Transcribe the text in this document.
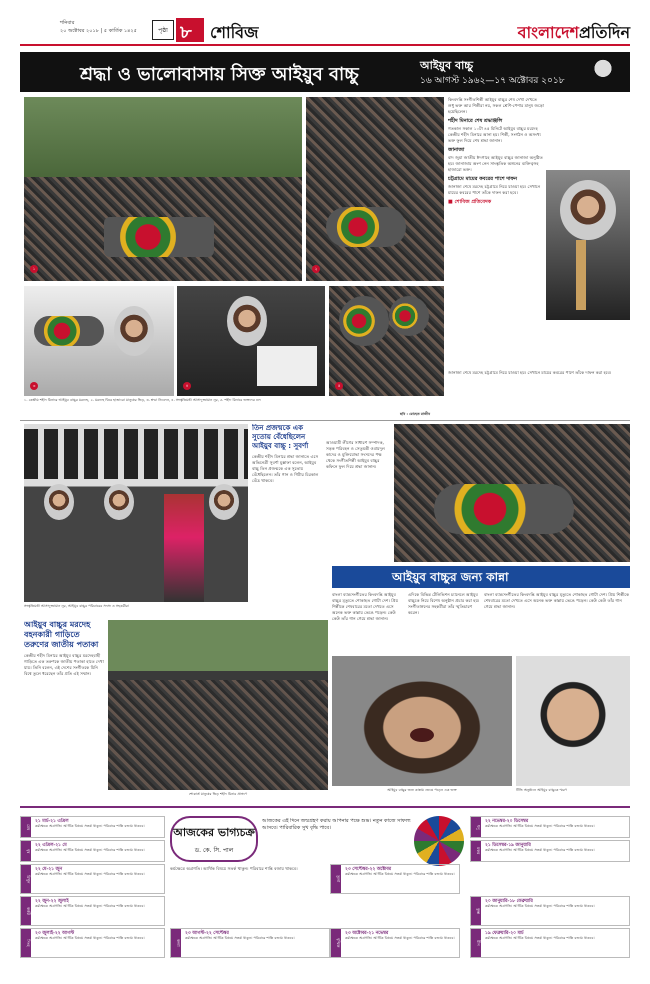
শনিবার
২০ অক্টোবর ২০১৮ | ৫ কার্তিক ১৪২৫	পৃষ্ঠা ৮ শোবিজ	বাংলাদেশপ্রতিদিন
শ্রদ্ধা ও ভালোবাসায় সিক্ত আইয়ুব বাচ্চু	আইয়ুব বাচ্চু
১৬ আগস্ট ১৯৬২—১৭ অক্টোবর ২০১৮
১	২
কিংবদন্তি সংগীতশিল্পী আইয়ুব বাচ্চুর শেষ দেখা দেখতে শুধু ভক্ত আর শিল্পীরা নয়, সকল শ্রেণি-পেশার মানুষ জড়ো হয়েছিলেন।
শহীদ মিনারে শেষ শ্রদ্ধাঞ্জলি
গতকাল সকাল ১০টা ৪৫ মিনিটে আইয়ুব বাচ্চুর মরদেহ কেন্দ্রীয় শহীদ মিনারে আনা হয়। শিল্পী, সংগঠন ও অসংখ্য ভক্ত ফুল দিয়ে শেষ শ্রদ্ধা জানান।
জানাজা
বাদ জুমা জাতীয় ঈদগাহে আইয়ুব বাচ্চুর জানাজা অনুষ্ঠিত হয়। জানাজায় অংশ নেন সাংস্কৃতিক অঙ্গনের ব্যক্তিত্বসহ হাজারো ভক্ত।
চট্টগ্রামে মায়ের কবরের পাশে দাফন
জানাজা শেষে মরদেহ চট্টগ্রামে নিয়ে যাওয়া হয়। সেখানে মায়ের কবরের পাশে তাঁকে দাফন করা হবে।
■ শোবিজ প্রতিবেদক
৩	৪	৫
১. কেন্দ্রীয় শহীদ মিনারে আইয়ুব বাচ্চুর মরদেহ, ২. মরদেহ ঘিরে হাজারো মানুষের ভিড়, ৩. শ্রদ্ধা নিবেদন, ৪. সংস্কৃতিমন্ত্রী আসাদুজ্জামান নূর, ৫. শহীদ মিনারে ভক্তদের ঢল
ছবি : রোহেত রাজীব
জানাজা শেষে মরদেহ চট্টগ্রামে নিয়ে যাওয়া হয়। সেখানে মায়ের কবরের পাশে তাঁকে দাফন করা হবে।
সংস্কৃতিমন্ত্রী আসাদুজ্জামান নূর, আইয়ুব বাচ্চুর পরিবারের সদস্য ও সহকর্মীরা
তিন প্রজন্মকে এক সুতোয় বেঁধেছিলেন আইয়ুব বাচ্চু : সুবর্ণা
কেন্দ্রীয় শহীদ মিনারে শ্রদ্ধা জানাতে এসে অভিনেত্রী সুবর্ণা মুস্তাফা বলেন, আইয়ুব বাচ্চু তিন প্রজন্মকে এক সুতোয় বেঁধেছিলেন। তাঁর গান ও গিটার চিরকাল বেঁচে থাকবে।
আওয়ামী লীগের সাধারণ সম্পাদক, সড়ক পরিবহন ও সেতুমন্ত্রী ওবায়দুল কাদের ও মুক্তিযোদ্ধা সংসদের পক্ষ থেকে সংগীতশিল্পী আইয়ুব বাচ্চুর কফিনে ফুল দিয়ে শ্রদ্ধা জানান।
আইয়ুব বাচ্চুর মরদেহ বহনকারী গাড়িতে তরুণের জাতীয় পতাকা
কেন্দ্রীয় শহীদ মিনারে আইয়ুব বাচ্চুর মরদেহবাহী গাড়িতে এক তরুণকে জাতীয় পতাকা হাতে দেখা যায়। তিনি বলেন, এই দেশের সংগীতকে যিনি বিশ্বে তুলে ধরেছেন তাঁর প্রতি এই সম্মান।
শোকার্ত মানুষের ভিড় শহীদ মিনার প্রাঙ্গণে
আইয়ুব বাচ্চুর জন্য কান্না
বাংলা ব্যান্ডসংগীতের কিংবদন্তি আইয়ুব বাচ্চুর মৃত্যুতে শোকাহত গোটা দেশ। প্রিয় শিল্পীকে শেষবারের মতো দেখতে এসে অনেক ভক্ত কান্নায় ভেঙে পড়েন। কেউ কেউ তাঁর গান গেয়ে শ্রদ্ধা জানান।
এদিকে বিভিন্ন টেলিভিশন চ্যানেলে আইয়ুব বাচ্চুকে নিয়ে বিশেষ অনুষ্ঠান প্রচার করা হয়। সংগীতাঙ্গনের সহকর্মীরা তাঁর স্মৃতিচারণ করেন।
বাংলা ব্যান্ডসংগীতের কিংবদন্তি আইয়ুব বাচ্চুর মৃত্যুতে শোকাহত গোটা দেশ। প্রিয় শিল্পীকে শেষবারের মতো দেখতে এসে অনেক ভক্ত কান্নায় ভেঙে পড়েন। কেউ কেউ তাঁর গান গেয়ে শ্রদ্ধা জানান।
আইয়ুব বাচ্চুর জন্য কান্নায় ভেঙে পড়েন এক ভক্ত	টিভি অনুষ্ঠানে আইয়ুব বাচ্চুকে স্মরণ
আজকের ভাগ্যচক্র
ড. কে. সি. পাল
আজকের এই দিনে জন্মগ্রহণ করায় আপনার পক্ষে শুভ। নতুন কাজে সাফল্য আসবে। পারিবারিক সুখ বৃদ্ধি পাবে।
মেষ
২১ মার্চ-২১ এপ্রিল
কর্মক্ষেত্রে অগ্রগতি। আর্থিক বিষয়ে সতর্ক থাকুন। পরিবারে শান্তি বজায় থাকবে।
বৃষ
২২ এপ্রিল-২১ মে
কর্মক্ষেত্রে অগ্রগতি। আর্থিক বিষয়ে সতর্ক থাকুন। পরিবারে শান্তি বজায় থাকবে।
মিথুন
২২ মে-২১ জুন
কর্মক্ষেত্রে অগ্রগতি। আর্থিক বিষয়ে সতর্ক থাকুন। পরিবারে শান্তি বজায় থাকবে।
কর্কট
২২ জুন-২২ জুলাই
কর্মক্ষেত্রে অগ্রগতি। আর্থিক বিষয়ে সতর্ক থাকুন। পরিবারে শান্তি বজায় থাকবে।
সিংহ
২৩ জুলাই-২২ আগস্ট
কর্মক্ষেত্রে অগ্রগতি। আর্থিক বিষয়ে সতর্ক থাকুন। পরিবারে শান্তি বজায় থাকবে।
কন্যা
২৩ আগস্ট-২২ সেপ্টেম্বর
কর্মক্ষেত্রে অগ্রগতি। আর্থিক বিষয়ে সতর্ক থাকুন। পরিবারে শান্তি বজায় থাকবে।
তুলা
২৩ সেপ্টেম্বর-২২ অক্টোবর
কর্মক্ষেত্রে অগ্রগতি। আর্থিক বিষয়ে সতর্ক থাকুন। পরিবারে শান্তি বজায় থাকবে।
বৃশ্চিক
২৩ অক্টোবর-২১ নভেম্বর
কর্মক্ষেত্রে অগ্রগতি। আর্থিক বিষয়ে সতর্ক থাকুন। পরিবারে শান্তি বজায় থাকবে।
ধনু
২২ নভেম্বর-২০ ডিসেম্বর
কর্মক্ষেত্রে অগ্রগতি। আর্থিক বিষয়ে সতর্ক থাকুন। পরিবারে শান্তি বজায় থাকবে।
মকর
২১ ডিসেম্বর-১৯ জানুয়ারি
কর্মক্ষেত্রে অগ্রগতি। আর্থিক বিষয়ে সতর্ক থাকুন। পরিবারে শান্তি বজায় থাকবে।
কুম্ভ
২০ জানুয়ারি-১৮ ফেব্রুয়ারি
কর্মক্ষেত্রে অগ্রগতি। আর্থিক বিষয়ে সতর্ক থাকুন। পরিবারে শান্তি বজায় থাকবে।
মীন
১৯ ফেব্রুয়ারি-২০ মার্চ
কর্মক্ষেত্রে অগ্রগতি। আর্থিক বিষয়ে সতর্ক থাকুন। পরিবারে শান্তি বজায় থাকবে।
কর্মক্ষেত্রে অগ্রগতি। আর্থিক বিষয়ে সতর্ক থাকুন। পরিবারে শান্তি বজায় থাকবে।
